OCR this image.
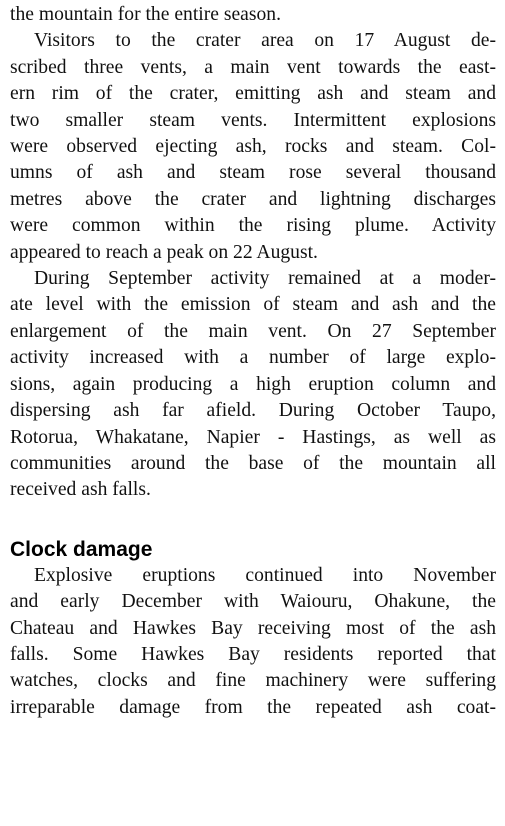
the mountain for the entire season.

Visitors to the crater area on 17 August de-
scribed three vents, a main vent towards the east-
ern rim of the crater, emitting ash and steam and
two smaller steam vents. Intermittent explosions
were observed ejecting ash, rocks and steam. Col-
umns of ash and steam rose several thousand
metres above the crater and lightning discharges
were common within the rising plume. Activity
appeared to reach a peak on 22 August.

During September activity remained at a moder-
ate level with the emission of steam and ash and the
enlargement of the main vent. On 27 September
activity increased with a number of large explo-
sions, again producing a high eruption column and
dispersing ash far afield. During October Taupo,
Rotorua, Whakatane, Napier - Hastings, as well as
communities around the base of the mountain all
received ash falls.

Clock damage

Explosive eruptions continued into November
and early December with Waiouru, Ohakune, the
Chateau and Hawkes Bay receiving most of the ash
falls. Some Hawkes Bay residents reported that
watches, clocks and fine machinery were suffering
irreparable damage from the repeated ash coat-
